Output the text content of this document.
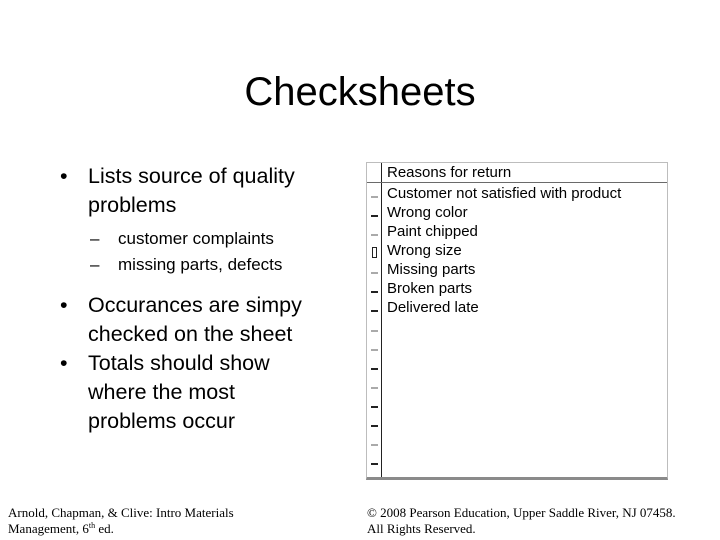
Checksheets
• Lists source of quality
problems
– customer complaints
– missing parts, defects
• Occurances are simpy
checked on the sheet
• Totals should show
where the most
problems occur
Reasons for return
Customer not satisfied with product
Wrong color
Paint chipped
Wrong size
Missing parts
Broken parts
Delivered late
Arnold, Chapman, & Clive: Intro Materials
Management, 6th ed.
© 2008 Pearson Education, Upper Saddle River, NJ 07458.
All Rights Reserved.
